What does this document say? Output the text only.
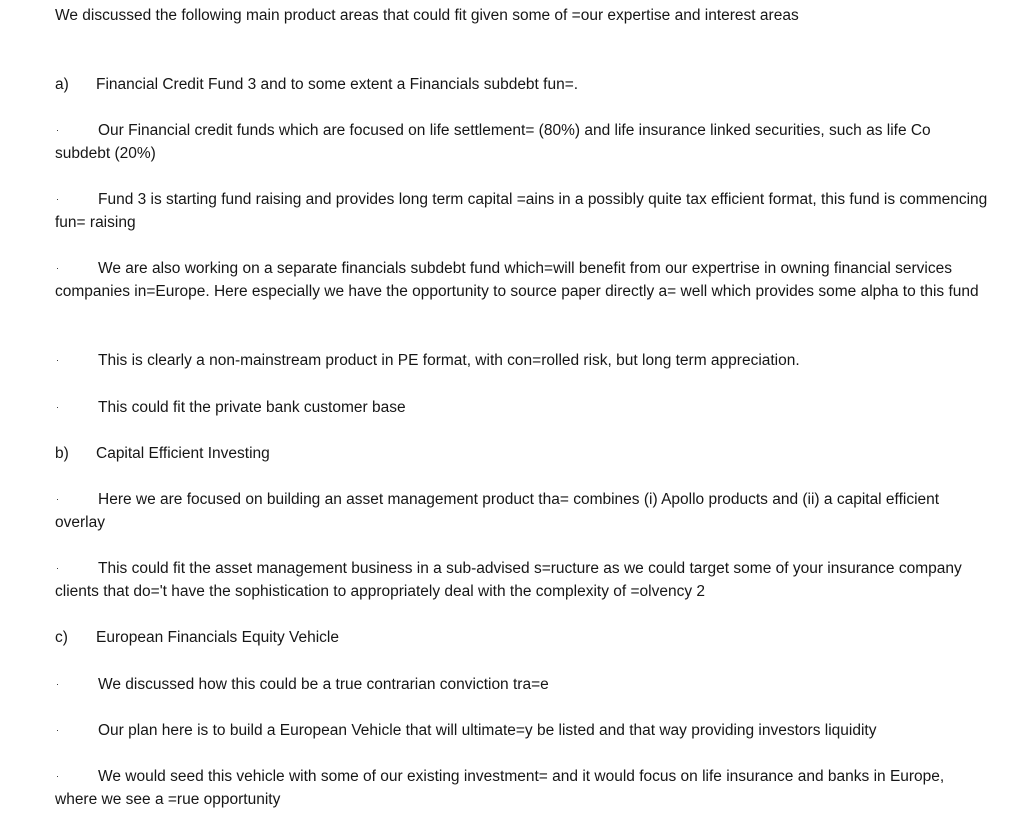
We discussed the following main product areas that could fit given some of =our expertise and interest areas

a)	Financial Credit Fund 3 and to some extent a Financials subdebt fun=.

·	Our Financial credit funds which are focused on life settlement= (80%) and life insurance linked securities, such as life Co subdebt (20%)

·	Fund 3 is starting fund raising and provides long term capital =ains in a possibly quite tax efficient format, this fund is commencing fun= raising

·	We are also working on a separate financials subdebt fund which=will benefit from our expertrise in owning financial services companies in=Europe. Here especially we have the opportunity to source paper directly a= well which provides some alpha to this fund

·	This is clearly a non-mainstream product in PE format, with con=rolled risk, but long term appreciation.

·	This could fit the private bank customer base

b)	Capital Efficient Investing

·	Here we are focused on building an asset management product tha= combines (i) Apollo products and (ii) a capital efficient overlay

·	This could fit the asset management business in a sub-advised s=ructure as we could target some of your insurance company clients that do='t have the sophistication to appropriately deal with the complexity of =olvency 2

c)	European Financials Equity Vehicle

·	We discussed how this could be a true contrarian conviction tra=e

·	Our plan here is to build a European Vehicle that will ultimate=y be listed and that way providing investors liquidity

·	We would seed this vehicle with some of our existing investment= and it would focus on life insurance and banks in Europe, where we see a =rue opportunity
